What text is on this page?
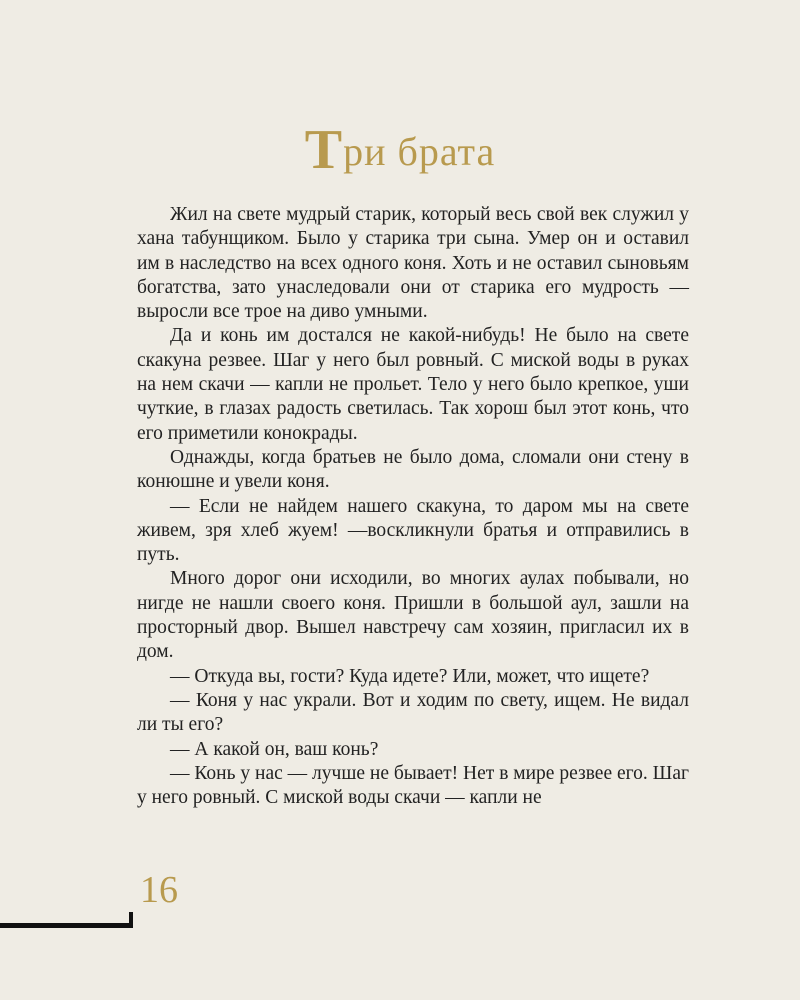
Три брата

Жил на свете мудрый старик, который весь свой век служил у хана табунщиком. Было у старика три сына. Умер он и оставил им в наследство на всех одного коня. Хоть и не оставил сыновьям богатства, зато унаследовали они от старика его мудрость — выросли все трое на диво умными.

Да и конь им достался не какой-нибудь! Не было на свете скакуна резвее. Шаг у него был ровный. С миской воды в руках на нем скачи — капли не прольет. Тело у него было крепкое, уши чуткие, в глазах радость светилась. Так хорош был этот конь, что его приметили конокрады.

Однажды, когда братьев не было дома, сломали они стену в конюшне и увели коня.

— Если не найдем нашего скакуна, то даром мы на свете живем, зря хлеб жуем! —воскликнули братья и отправились в путь.

Много дорог они исходили, во многих аулах побывали, но нигде не нашли своего коня. Пришли в большой аул, зашли на просторный двор. Вышел навстречу сам хозяин, пригласил их в дом.

— Откуда вы, гости? Куда идете? Или, может, что ищете?

— Коня у нас украли. Вот и ходим по свету, ищем. Не видал ли ты его?

— А какой он, ваш конь?

— Конь у нас — лучше не бывает! Нет в мире резвее его. Шаг у него ровный. С миской воды скачи — капли не

16
